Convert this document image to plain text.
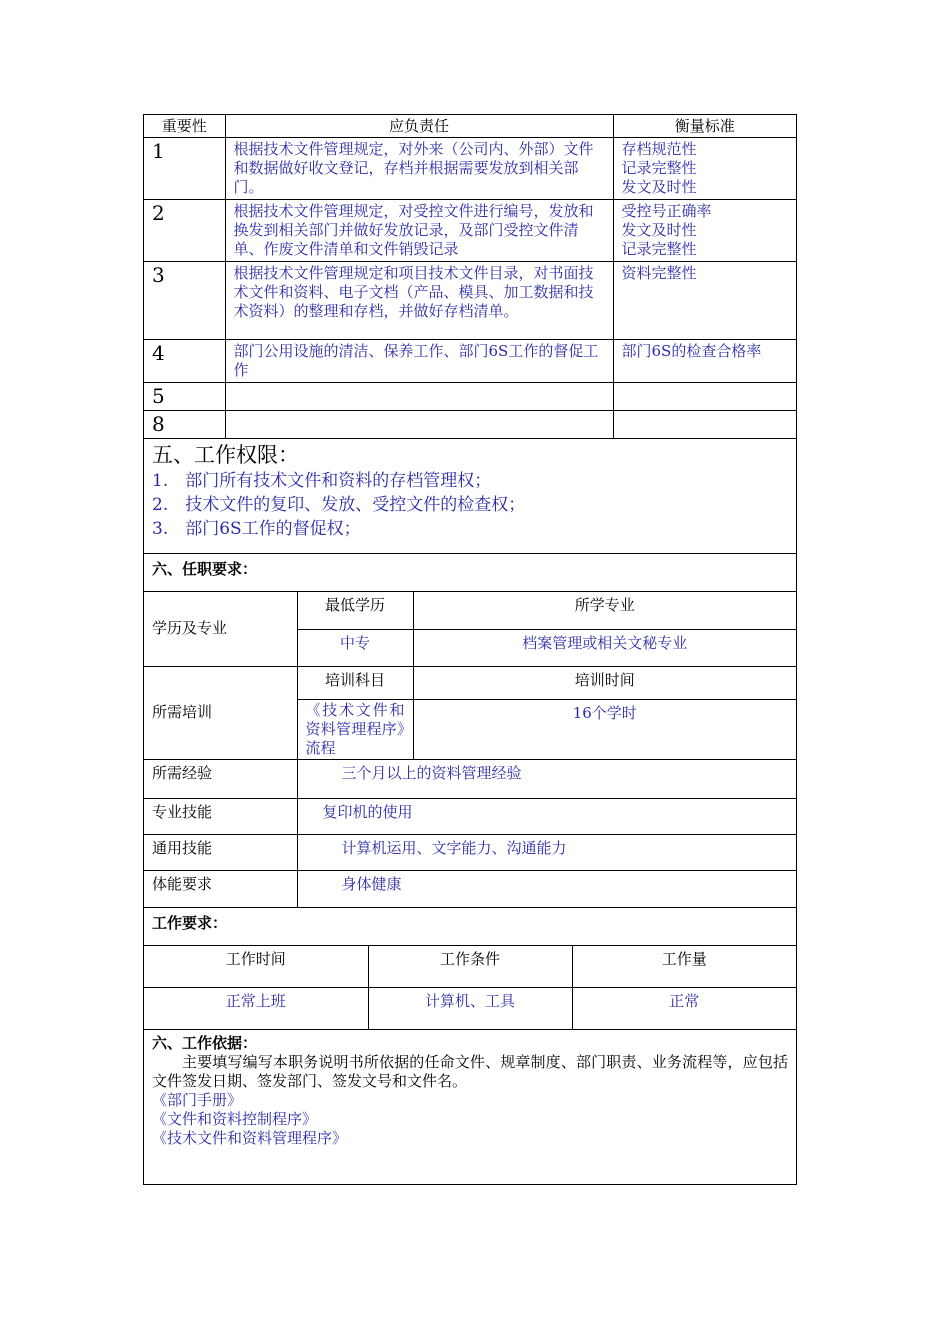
重要性	应负责任	衡量标准
1	根据技术文件管理规定，对外来（公司内、外部）文件和数据做好收文登记，存档并根据需要发放到相关部门。	存档规范性
记录完整性
发文及时性

2	根据技术文件管理规定，对受控文件进行编号，发放和换发到相关部门并做好发放记录，及部门受控文件清单、作废文件清单和文件销毁记录	受控号正确率
发文及时性
记录完整性

3	根据技术文件管理规定和项目技术文件目录，对书面技术文件和资料、电子文档（产品、模具、加工数据和技术资料）的整理和存档，并做好存档清单。	资料完整性

4	部门公用设施的清洁、保养工作、部门6S工作的督促工作	部门6S的检查合格率

5		
8		
五、工作权限：
1.　部门所有技术文件和资料的存档管理权；
2.　技术文件的复印、发放、受控文件的检查权；
3.　部门6S工作的督促权；
六、任职要求：
学历及专业	最低学历	所学专业
	中专	档案管理或相关文秘专业
所需培训	培训科目	培训时间
	《技术文件和资料管理程序》流程	16个学时
所需经验	三个月以上的资料管理经验	
专业技能	复印机的使用	
通用技能	计算机运用、文字能力、沟通能力	
体能要求	身体健康	
工作要求：
工作时间	工作条件	工作量
正常上班	计算机、工具	正常
六、工作依据：
主要填写编写本职务说明书所依据的任命文件、规章制度、部门职责、业务流程等，应包括文件签发日期、签发部门、签发文号和文件名。
《部门手册》
《文件和资料控制程序》
《技术文件和资料管理程序》
